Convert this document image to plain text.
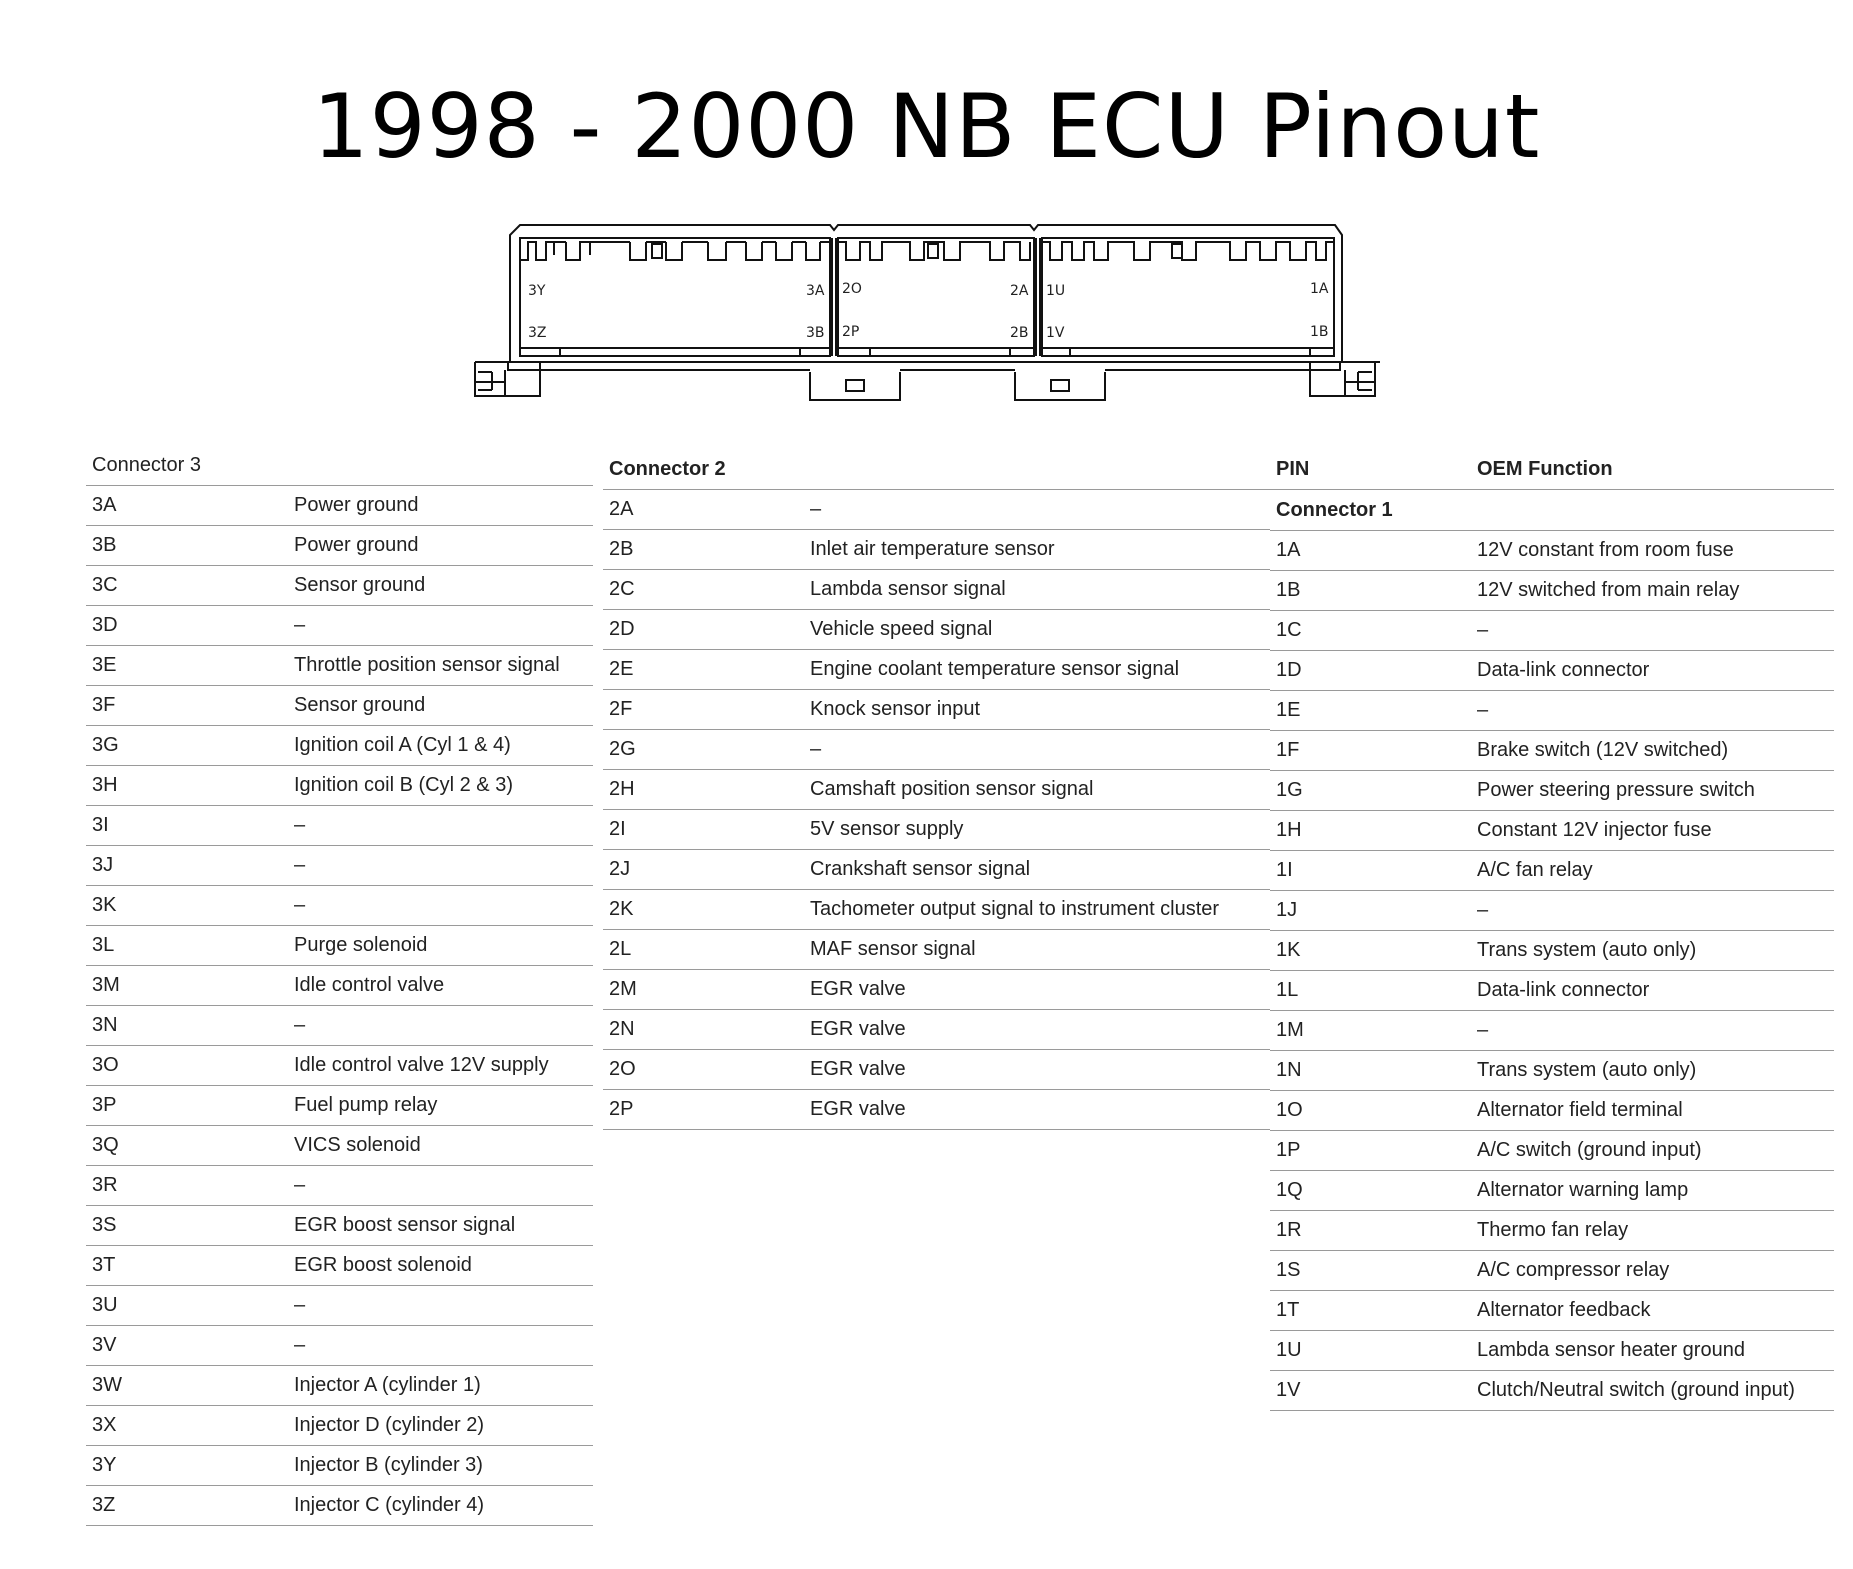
1998 - 2000 NB ECU Pinout
3Y
3Z
3A
3B
2O
2P
2A
2B
1U
1V
1A
1B
Connector 3	
3A	Power ground
3B	Power ground
3C	Sensor ground
3D	–
3E	Throttle position sensor signal
3F	Sensor ground
3G	Ignition coil A (Cyl 1 & 4)
3H	Ignition coil B (Cyl 2 & 3)
3I	–
3J	–
3K	–
3L	Purge solenoid
3M	Idle control valve
3N	–
3O	Idle control valve 12V supply
3P	Fuel pump relay
3Q	VICS solenoid
3R	–
3S	EGR boost sensor signal
3T	EGR boost solenoid
3U	–
3V	–
3W	Injector A (cylinder 1)
3X	Injector D (cylinder 2)
3Y	Injector B (cylinder 3)
3Z	Injector C (cylinder 4)
Connector 2	
2A	–
2B	Inlet air temperature sensor
2C	Lambda sensor signal
2D	Vehicle speed signal
2E	Engine coolant temperature sensor signal
2F	Knock sensor input
2G	–
2H	Camshaft position sensor signal
2I	5V sensor supply
2J	Crankshaft sensor signal
2K	Tachometer output signal to instrument cluster
2L	MAF sensor signal
2M	EGR valve
2N	EGR valve
2O	EGR valve
2P	EGR valve
PIN	OEM Function
Connector 1	
1A	12V constant from room fuse
1B	12V switched from main relay
1C	–
1D	Data-link connector
1E	–
1F	Brake switch (12V switched)
1G	Power steering pressure switch
1H	Constant 12V injector fuse
1I	A/C fan relay
1J	–
1K	Trans system (auto only)
1L	Data-link connector
1M	–
1N	Trans system (auto only)
1O	Alternator field terminal
1P	A/C switch (ground input)
1Q	Alternator warning lamp
1R	Thermo fan relay
1S	A/C compressor relay
1T	Alternator feedback
1U	Lambda sensor heater ground
1V	Clutch/Neutral switch (ground input)
